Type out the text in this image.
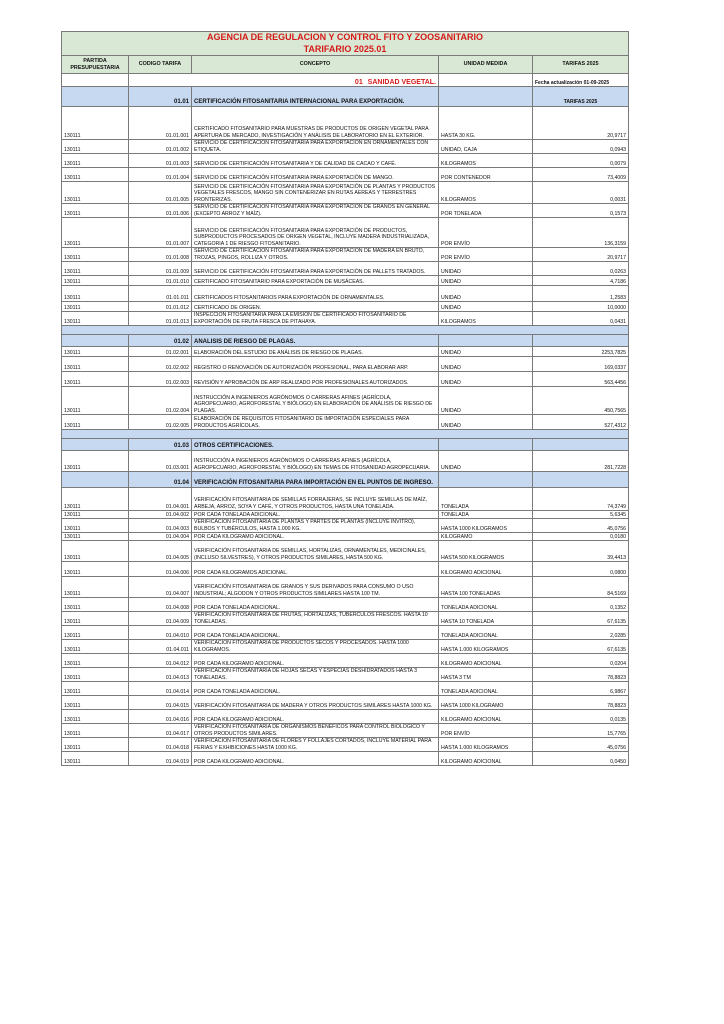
AGENCIA DE REGULACION Y CONTROL FITO Y ZOOSANITARIO				
TARIFARIO 2025.01				
PARTIDA PRESUPUESTARIA	CODIGO TARIFA	CONCEPTO	UNIDAD MEDIDA	TARIFAS 2025
	01 SANIDAD VEGETAL.			Fecha actualización 01-09-2025
	01.01	CERTIFICACIÓN FITOSANITARIA INTERNACIONAL PARA EXPORTACIÓN.		TARIFAS 2025
130111	01.01.001	CERTIFICADO FITOSANITARIO PARA MUESTRAS DE PRODUCTOS DE ORIGEN VEGETAL PARA APERTURA DE MERCADO, INVESTIGACIÓN Y ANÁLISIS DE LABORATORIO EN EL EXTERIOR.	HASTA 30 KG.	20,9717
130111	01.01.002	SERVICIO DE CERTIFICACIÓN FITOSANITARIA PARA EXPORTACIÓN EN ORNAMENTALES CON ETIQUETA.	UNIDAD, CAJA	0,0943
130111	01.01.003	SERVICIO DE CERTIFICACIÓN FITOSANITARIA Y DE CALIDAD DE CACAO Y CAFÉ.	KILOGRAMOS	0,0079
130111	01.01.004	SERVICIO DE CERTIFICACIÓN FITOSANITARIA PARA EXPORTACIÓN DE MANGO.	POR CONTENEDOR	73,4009
130111	01.01.005	SERVICIO DE CERTIFICACIÓN FITOSANITARIA PARA EXPORTACIÓN DE PLANTAS Y PRODUCTOS VEGETALES FRESCOS, MANGO SIN CONTENERIZAR EN RUTAS AEREAS Y TERRESTRES FRONTERIZAS.	KILOGRAMOS	0,0031
130111	01.01.006	SERVICIO DE CERTIFICACIÓN FITOSANITARIA PARA EXPORTACIÓN DE GRANOS EN GENERAL (EXCEPTO ARROZ Y MAÍZ).	POR TONELADA	0,1573
130111	01.01.007	SERVICIO DE CERTIFICACIÓN FITOSANITARIA PARA EXPORTACIÓN DE PRODUCTOS, SUBPRODUCTOS PROCESADOS DE ORIGEN VEGETAL, INCLUYE MADERA INDUSTRIALIZADA, CATEGORIA 1 DE RIESGO FITOSANITARIO.	POR ENVÍO	136,3159
130111	01.01.008	SERVICIO DE CERTIFICACIÓN FITOSANITARIA PARA EXPORTACIÓN DE MADERA EN BRUTO, TROZAS, PINGOS, ROLLIZA Y OTROS.	POR ENVÍO	20,9717
130111	01.01.009	SERVICIO DE CERTIFICACIÓN FITOSANITARIA PARA EXPORTACIÓN DE PALLETS TRATADOS.	UNIDAD	0,0263
130111	01.01.010	CERTIFICADO FITOSANITARIO PARA EXPORTACIÓN DE MUSÁCEAS.	UNIDAD	4,7186
130111	01.01.011	CERTIFICADOS FITOSANITARIOS PARA EXPORTACIÓN DE ORNAMENTALES.	UNIDAD	1,2583
130111	01.01.012	CERTIFICADO DE ORIGEN.	UNIDAD	10,0000
130111	01.01.013	INSPECCIÓN FITOSANITARIA PARA LA EMISIÓN DE CERTIFICADO FITOSANITARIO DE EXPORTACIÓN DE FRUTA FRESCA DE PITAHAYA.	KILOGRAMOS	0,0431

	01.02	ANALISIS DE RIESGO DE PLAGAS.		
130111	01.02.001	ELABORACIÓN DEL ESTUDIO DE ANÁLISIS DE RIESGO DE PLAGAS.	UNIDAD	2253,7825
130111	01.02.002	REGISTRO O RENOVACIÓN DE AUTORIZACIÓN PROFESIONAL, PARA ELABORAR ARP.	UNIDAD	169,0337
130111	01.02.003	REVISIÓN Y APROBACIÓN DE ARP REALIZADO POR PROFESIONALES AUTORIZADOS.	UNIDAD	563,4456
130111	01.02.004	INSTRUCCIÓN A INGENIEROS AGRÓNOMOS O CARRERAS AFINES (AGRÍCOLA, AGROPECUARIO, AGROFORESTAL Y BIÓLOGO) EN ELABORACIÓN DE ANÁLISIS DE RIESGO DE PLAGAS.	UNIDAD	450,7565
130111	01.02.005	ELABORACIÓN DE REQUISITOS FITOSANITARIO DE IMPORTACIÓN ESPECIALES PARA PRODUCTOS AGRÍCOLAS.	UNIDAD	527,4312

	01.03	OTROS CERTIFICACIONES.		
130111	01.03.001	INSTRUCCIÓN A INGENIEROS AGRÓNOMOS O CARRERAS AFINES (AGRÍCOLA, AGROPECUARIO, AGROFORESTAL Y BIÓLOGO) EN TEMAS DE FITOSANIDAD AGROPECUARIA.	UNIDAD	281,7228
	01.04	VERIFICACIÓN FITOSANITARIA PARA IMPORTACIÓN EN EL PUNTOS DE INGRESO.		
130111	01.04.001	VERIFICACIÓN FITOSANITARIA DE SEMILLAS FORRAJERAS, SE INCLUYE SEMILLAS DE MAÍZ, ARBEJA, ARROZ, SOYA Y CAFÉ, Y OTROS PRODUCTOS, HASTA UNA TONELADA.	TONELADA	74,3749
130111	01.04.002	POR CADA TONELADA ADICIONAL.	TONELADA	5,6345
130111	01.04.003	VERIFICACIÓN FITOSANITARIA DE PLANTAS Y PARTES DE PLANTAS (INCLUYE INVITRO), BULBOS Y TUBÉRCULOS, HASTA 1.000 KG.	HASTA 1000 KILOGRAMOS	45,0756
130111	01.04.004	POR CADA KILOGRAMO ADICIONAL.	KILOGRAMO	0,0180
130111	01.04.005	VERIFICACIÓN FITOSANITARIA DE SEMILLAS, HORTALIZAS, ORNAMENTALES, MEDICINALES, (INCLUSO SILVESTRES), Y OTROS PRODUCTOS SIMILARES, HASTA 500 KG.	HASTA 500 KILOGRAMOS	39,4413
130111	01.04.006	POR CADA KILOGRAMOS ADICIONAL.	KILOGRAMO ADICIONAL	0,0800
130111	01.04.007	VERIFICACIÓN FITOSANITARIA DE GRANOS Y SUS DERIVADOS PARA CONSUMO O USO INDUSTRIAL; ALGODON Y OTROS PRODUCTOS SIMILARES HASTA 100 TM.	HASTA 100 TONELADAS	84,5169
130111	01.04.008	POR CADA TONELADA ADICIONAL.	TONELADA ADICIONAL	0,1352
130111	01.04.009	VERIFICACIÓN FITOSANITARIA DE FRUTAS, HORTALIZAS, TUBERCULOS FRESCOS. HASTA 10 TONELADAS.	HASTA 10 TONELADA	67,6135
130111	01.04.010	POR CADA TONELADA ADICIONAL.	TONELADA ADICIONAL	2,0285
130111	01.04.011	VERIFICACIÓN FITOSANITARIA DE PRODUCTOS SECOS Y PROCESADOS. HASTA 1000 KILOGRAMOS.	HASTA 1.000 KILOGRAMOS	67,6135
130111	01.04.012	POR CADA KILOGRAMO ADICIONAL.	KILOGRAMO ADICIONAL	0,0204
130111	01.04.013	VERIFICACIÓN FITOSANITARIA DE HOJAS SECAS Y ESPECIAS DESHIDRATADOS HASTA 3 TONELADAS.	HASTA 3 TM	78,8823
130111	01.04.014	POR CADA TONELADA ADICIONAL.	TONELADA ADICIONAL	6,9867
130111	01.04.015	VERIFICACIÓN FITOSANITARIA DE MADERA Y OTROS PRODUCTOS SIMILARES HASTA 1000 KG.	HASTA 1000 KILOGRAMO	78,8823
130111	01.04.016	POR CADA KILOGRAMO ADICIONAL.	KILOGRAMO ADICIONAL	0,0135
130111	01.04.017	VERIFICACIÓN FITOSANITARIA DE ORGANISMOS BENEFICOS PARA CONTROL BIOLÓGICO Y OTROS PRODUCTOS SIMILARES.	POR ENVÍO	15,7765
130111	01.04.018	VERIFICACIÓN FITOSANITARIA DE FLORES Y FOLLAJES CORTADOS, INCLUYE MATERIAL PARA FERIAS Y EXHIBICIONES HASTA 1000 KG.	HASTA 1.000 KILOGRAMOS	45,0756
130111	01.04.019	POR CADA KILOGRAMO ADICIONAL.	KILOGRAMO ADICIONAL	0,0450
